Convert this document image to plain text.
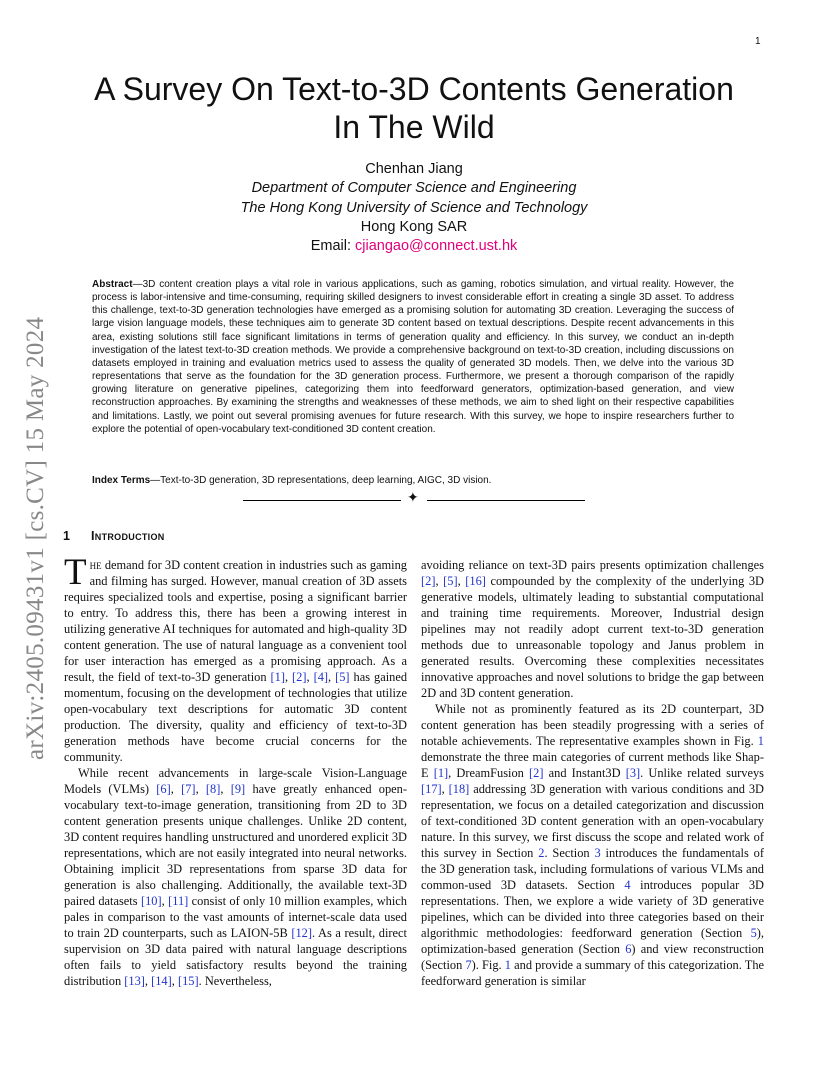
1
arXiv:2405.09431v1 [cs.CV] 15 May 2024
A Survey On Text-to-3D Contents Generation
In The Wild
Chenhan Jiang
Department of Computer Science and Engineering
The Hong Kong University of Science and Technology
Hong Kong SAR
Email: cjiangao@connect.ust.hk
Abstract—3D content creation plays a vital role in various applications, such as gaming, robotics simulation, and virtual reality. However, the process is labor-intensive and time-consuming, requiring skilled designers to invest considerable effort in creating a single 3D asset. To address this challenge, text-to-3D generation technologies have emerged as a promising solution for automating 3D creation. Leveraging the success of large vision language models, these techniques aim to generate 3D content based on textual descriptions. Despite recent advancements in this area, existing solutions still face significant limitations in terms of generation quality and efficiency. In this survey, we conduct an in-depth investigation of the latest text-to-3D creation methods. We provide a comprehensive background on text-to-3D creation, including discussions on datasets employed in training and evaluation metrics used to assess the quality of generated 3D models. Then, we delve into the various 3D representations that serve as the foundation for the 3D generation process. Furthermore, we present a thorough comparison of the rapidly growing literature on generative pipelines, categorizing them into feedforward generators, optimization-based generation, and view reconstruction approaches. By examining the strengths and weaknesses of these methods, we aim to shed light on their respective capabilities and limitations. Lastly, we point out several promising avenues for future research. With this survey, we hope to inspire researchers further to explore the potential of open-vocabulary text-conditioned 3D content creation.
Index Terms—Text-to-3D generation, 3D representations, deep learning, AIGC, 3D vision.
✦
1 Introduction

The demand for 3D content creation in industries such as gaming and filming has surged. However, manual creation of 3D assets requires specialized tools and expertise, posing a significant barrier to entry. To address this, there has been a growing interest in utilizing generative AI techniques for automated and high-quality 3D content generation. The use of natural language as a convenient tool for user interaction has emerged as a promising approach. As a result, the field of text-to-3D generation [1], [2], [4], [5] has gained momentum, focusing on the development of technologies that utilize open-vocabulary text descriptions for automatic 3D content production. The diversity, quality and efficiency of text-to-3D generation methods have become crucial concerns for the community.

While recent advancements in large-scale Vision-Language Models (VLMs) [6], [7], [8], [9] have greatly enhanced open-vocabulary text-to-image generation, transitioning from 2D to 3D content generation presents unique challenges. Unlike 2D content, 3D content requires handling unstructured and unordered explicit 3D representations, which are not easily integrated into neural networks. Obtaining implicit 3D representations from sparse 3D data for generation is also challenging. Additionally, the available text-3D paired datasets [10], [11] consist of only 10 million examples, which pales in comparison to the vast amounts of internet-scale data used to train 2D counterparts, such as LAION-5B [12]. As a result, direct supervision on 3D data paired with natural language descriptions often fails to yield satisfactory results beyond the training distribution [13], [14], [15]. Nevertheless,

avoiding reliance on text-3D pairs presents optimization challenges [2], [5], [16] compounded by the complexity of the underlying 3D generative models, ultimately leading to substantial computational and training time requirements. Moreover, Industrial design pipelines may not readily adopt current text-to-3D generation methods due to unreasonable topology and Janus problem in generated results. Overcoming these complexities necessitates innovative approaches and novel solutions to bridge the gap between 2D and 3D content generation.

While not as prominently featured as its 2D counterpart, 3D content generation has been steadily progressing with a series of notable achievements. The representative examples shown in Fig. 1 demonstrate the three main categories of current methods like Shap-E [1], DreamFusion [2] and Instant3D [3]. Unlike related surveys [17], [18] addressing 3D generation with various conditions and 3D representation, we focus on a detailed categorization and discussion of text-conditioned 3D content generation with an open-vocabulary nature. In this survey, we first discuss the scope and related work of this survey in Section 2. Section 3 introduces the fundamentals of the 3D generation task, including formulations of various VLMs and common-used 3D datasets. Section 4 introduces popular 3D representations. Then, we explore a wide variety of 3D generative pipelines, which can be divided into three categories based on their algorithmic methodologies: feedforward generation (Section 5), optimization-based generation (Section 6) and view reconstruction (Section 7). Fig. 1 and provide a summary of this categorization. The feedforward generation is similar
